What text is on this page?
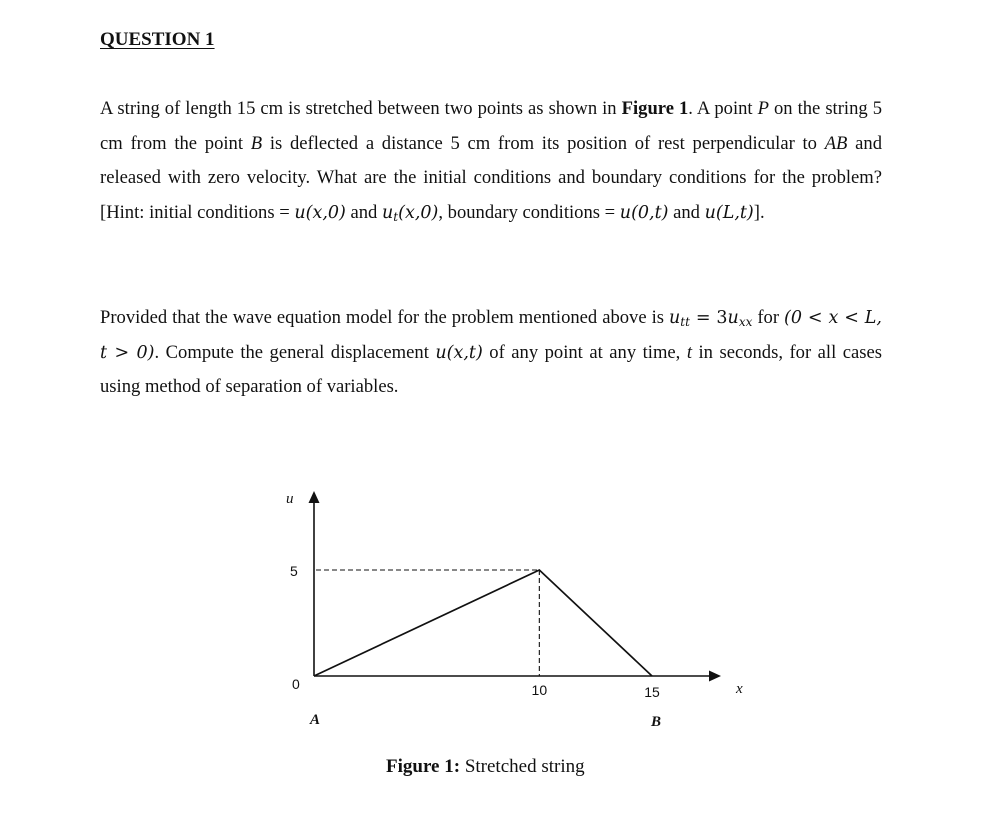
QUESTION 1

A string of length 15 cm is stretched between two points as shown in Figure 1. A point P on the string 5 cm from the point B is deflected a distance 5 cm from its position of rest perpendicular to AB and released with zero velocity. What are the initial conditions and boundary conditions for the problem? [Hint: initial conditions = u(x,0) and $u_t(x,0)$, boundary conditions = u(0,t) and u(L,t)].

Provided that the wave equation model for the problem mentioned above is $u_{tt} = 3u_{xx}$ for (0 < x < L, t > 0). Compute the general displacement u(x,t) of any point at any time, t in seconds, for all cases using method of separation of variables.

u
x
5
0	10	15
A	B
Figure 1: Stretched string
